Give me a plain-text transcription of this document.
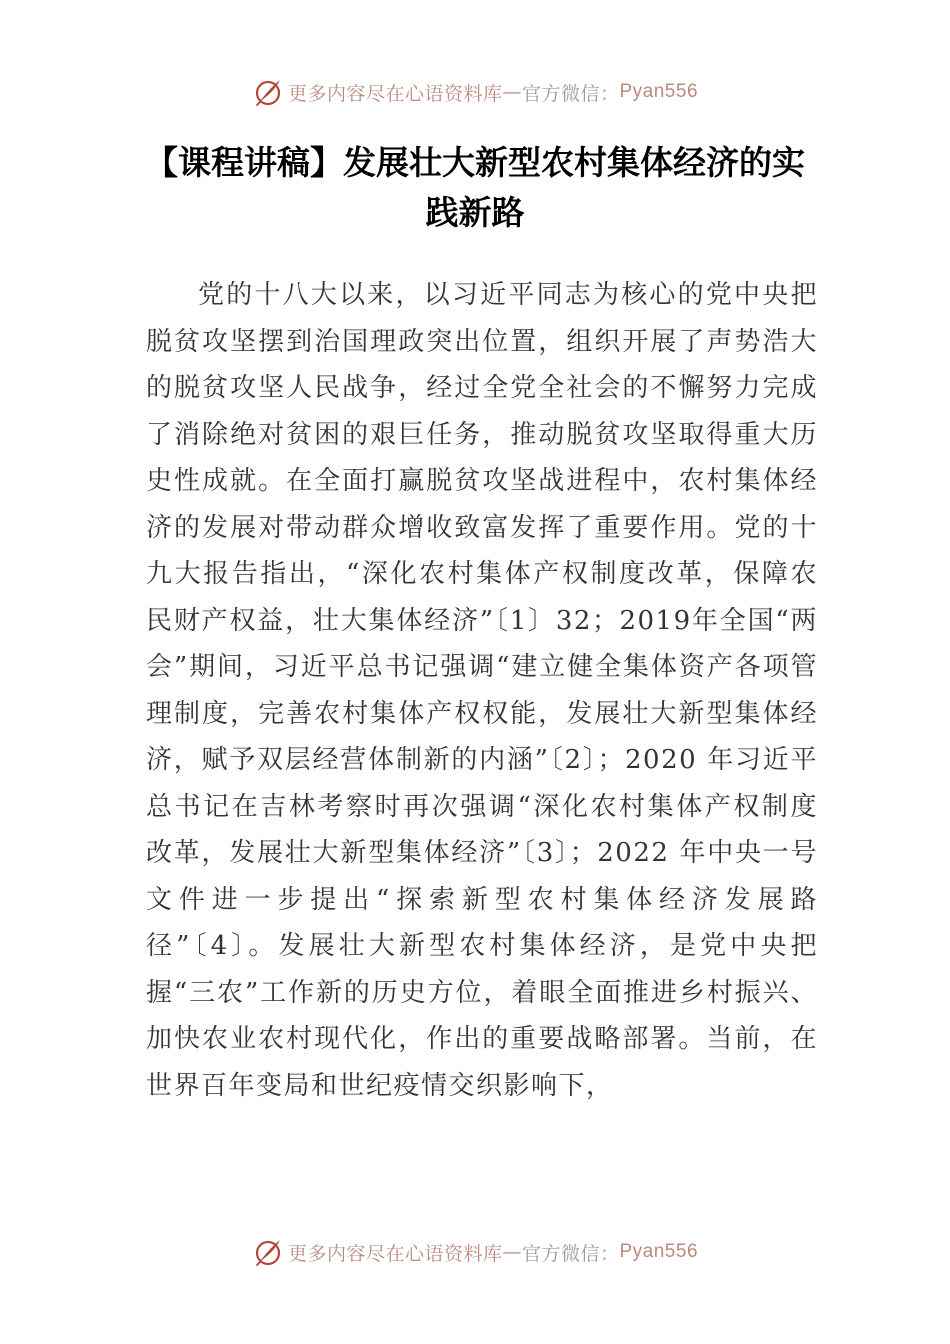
更多内容尽在心语资料库 — 官方微信： Pyan556
【课程讲稿】发展壮大新型农村集体经济的实践新路

党的十八大以来，以习近平同志为核心的党中央把脱贫攻坚摆到治国理政突出位置，组织开展了声势浩大的脱贫攻坚人民战争，经过全党全社会的不懈努力完成了消除绝对贫困的艰巨任务，推动脱贫攻坚取得重大历史性成就。在全面打赢脱贫攻坚战进程中，农村集体经济的发展对带动群众增收致富发挥了重要作用。党的十九大报告指出，“深化农村集体产权制度改革，保障农民财产权益，壮大集体经济”〔1〕32；2019年全国“两会”期间，习近平总书记强调“建立健全集体资产各项管理制度，完善农村集体产权权能，发展壮大新型集体经济，赋予双层经营体制新的内涵”〔2〕；2020 年习近平总书记在吉林考察时再次强调“深化农村集体产权制度改革，发展壮大新型集体经济”〔3〕；2022 年中央一号文件进一步提出“探索新型农村集体经济发展路径”〔4〕。发展壮大新型农村集体经济，是党中央把握“三农”工作新的历史方位，着眼全面推进乡村振兴、加快农业农村现代化，作出的重要战略部署。当前，在世界百年变局和世纪疫情交织影响下，

更多内容尽在心语资料库 — 官方微信： Pyan556
